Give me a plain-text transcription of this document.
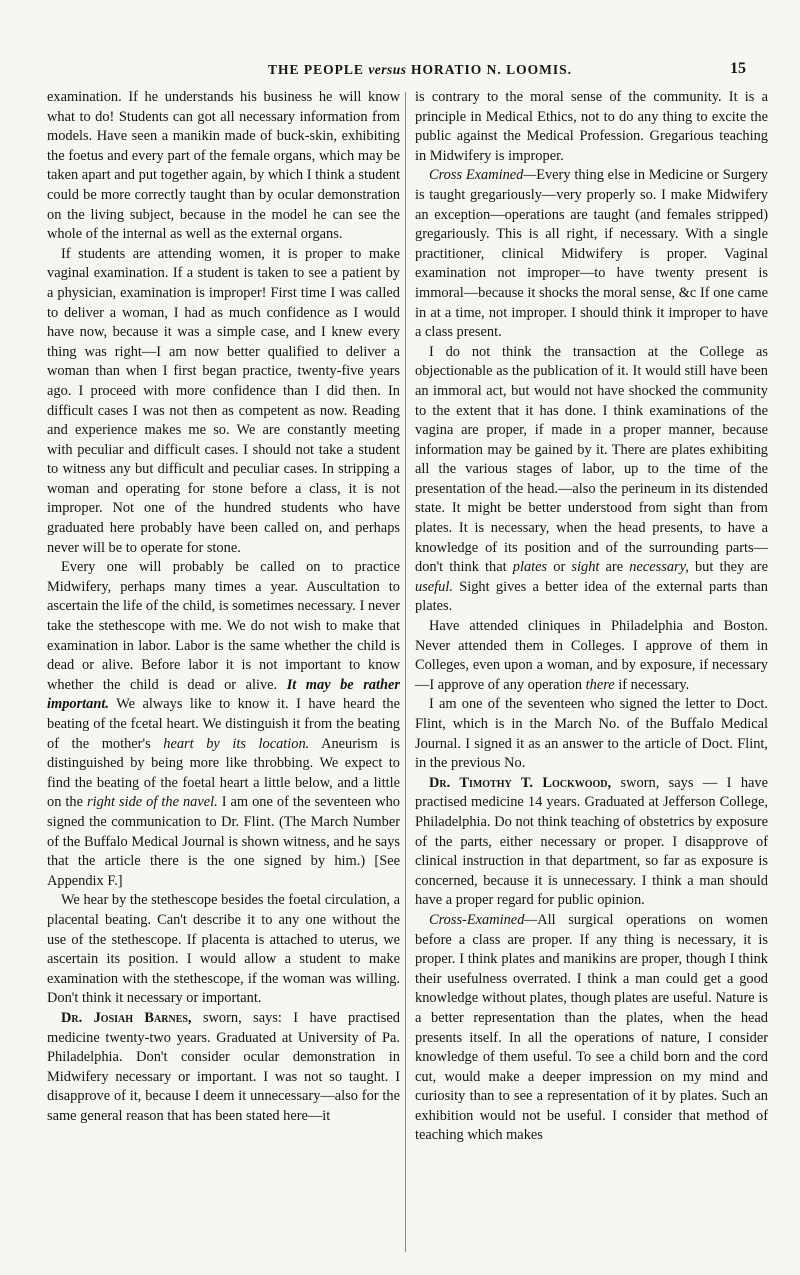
THE PEOPLE versus HORATIO N. LOOMIS.	15

examination. If he understands his business he will know what to do! Students can got all necessary information from models. Have seen a manikin made of buck-skin, exhibiting the foetus and every part of the female organs, which may be taken apart and put together again, by which I think a student could be more correctly taught than by ocular demonstration on the living subject, because in the model he can see the whole of the internal as well as the external organs.

If students are attending women, it is proper to make vaginal examination. If a student is taken to see a patient by a physician, examination is improper! First time I was called to deliver a woman, I had as much confidence as I would have now, because it was a simple case, and I knew every thing was right—I am now better qualified to deliver a woman than when I first began practice, twenty-five years ago. I proceed with more confidence than I did then. In difficult cases I was not then as competent as now. Reading and experience makes me so. We are constantly meeting with peculiar and difficult cases. I should not take a student to witness any but difficult and peculiar cases. In stripping a woman and operating for stone before a class, it is not improper. Not one of the hundred students who have graduated here probably have been called on, and perhaps never will be to operate for stone.

Every one will probably be called on to practice Midwifery, perhaps many times a year. Auscultation to ascertain the life of the child, is sometimes necessary. I never take the stethescope with me. We do not wish to make that examination in labor. Labor is the same whether the child is dead or alive. Before labor it is not important to know whether the child is dead or alive. It may be rather important. We always like to know it. I have heard the beating of the fcetal heart. We distinguish it from the beating of the mother's heart by its location. Aneurism is distinguished by being more like throbbing. We expect to find the beating of the foetal heart a little below, and a little on the right side of the navel. I am one of the seventeen who signed the communication to Dr. Flint. (The March Number of the Buffalo Medical Journal is shown witness, and he says that the article there is the one signed by him.) [See Appendix F.]

We hear by the stethescope besides the foetal circulation, a placental beating. Can't describe it to any one without the use of the stethescope. If placenta is attached to uterus, we ascertain its position. I would allow a student to make examination with the stethescope, if the woman was willing. Don't think it necessary or important.

Dr. Josiah Barnes, sworn, says: I have practised medicine twenty-two years. Graduated at University of Pa. Philadelphia. Don't consider ocular demonstration in Midwifery necessary or important. I was not so taught. I disapprove of it, because I deem it unnecessary—also for the same general reason that has been stated here—it

is contrary to the moral sense of the community. It is a principle in Medical Ethics, not to do any thing to excite the public against the Medical Profession. Gregarious teaching in Midwifery is improper.

Cross Examined—Every thing else in Medicine or Surgery is taught gregariously—very properly so. I make Midwifery an exception—operations are taught (and females stripped) gregariously. This is all right, if necessary. With a single practitioner, clinical Midwifery is proper. Vaginal examination not improper—to have twenty present is immoral—because it shocks the moral sense, &c If one came in at a time, not improper. I should think it improper to have a class present.

I do not think the transaction at the College as objectionable as the publication of it. It would still have been an immoral act, but would not have shocked the community to the extent that it has done. I think examinations of the vagina are proper, if made in a proper manner, because information may be gained by it. There are plates exhibiting all the various stages of labor, up to the time of the presentation of the head.—also the perineum in its distended state. It might be better understood from sight than from plates. It is necessary, when the head presents, to have a knowledge of its position and of the surrounding parts—don't think that plates or sight are necessary, but they are useful. Sight gives a better idea of the external parts than plates.

Have attended cliniques in Philadelphia and Boston. Never attended them in Colleges. I approve of them in Colleges, even upon a woman, and by exposure, if necessary—I approve of any operation there if necessary.

I am one of the seventeen who signed the letter to Doct. Flint, which is in the March No. of the Buffalo Medical Journal. I signed it as an answer to the article of Doct. Flint, in the previous No.

Dr. Timothy T. Lockwood, sworn, says — I have practised medicine 14 years. Graduated at Jefferson College, Philadelphia. Do not think teaching of obstetrics by exposure of the parts, either necessary or proper. I disapprove of clinical instruction in that department, so far as exposure is concerned, because it is unnecessary. I think a man should have a proper regard for public opinion.

Cross-Examined—All surgical operations on women before a class are proper. If any thing is necessary, it is proper. I think plates and manikins are proper, though I think their usefulness overrated. I think a man could get a good knowledge without plates, though plates are useful. Nature is a better representation than the plates, when the head presents itself. In all the operations of nature, I consider knowledge of them useful. To see a child born and the cord cut, would make a deeper impression on my mind and curiosity than to see a representation of it by plates. Such an exhibition would not be useful. I consider that method of teaching which makes
